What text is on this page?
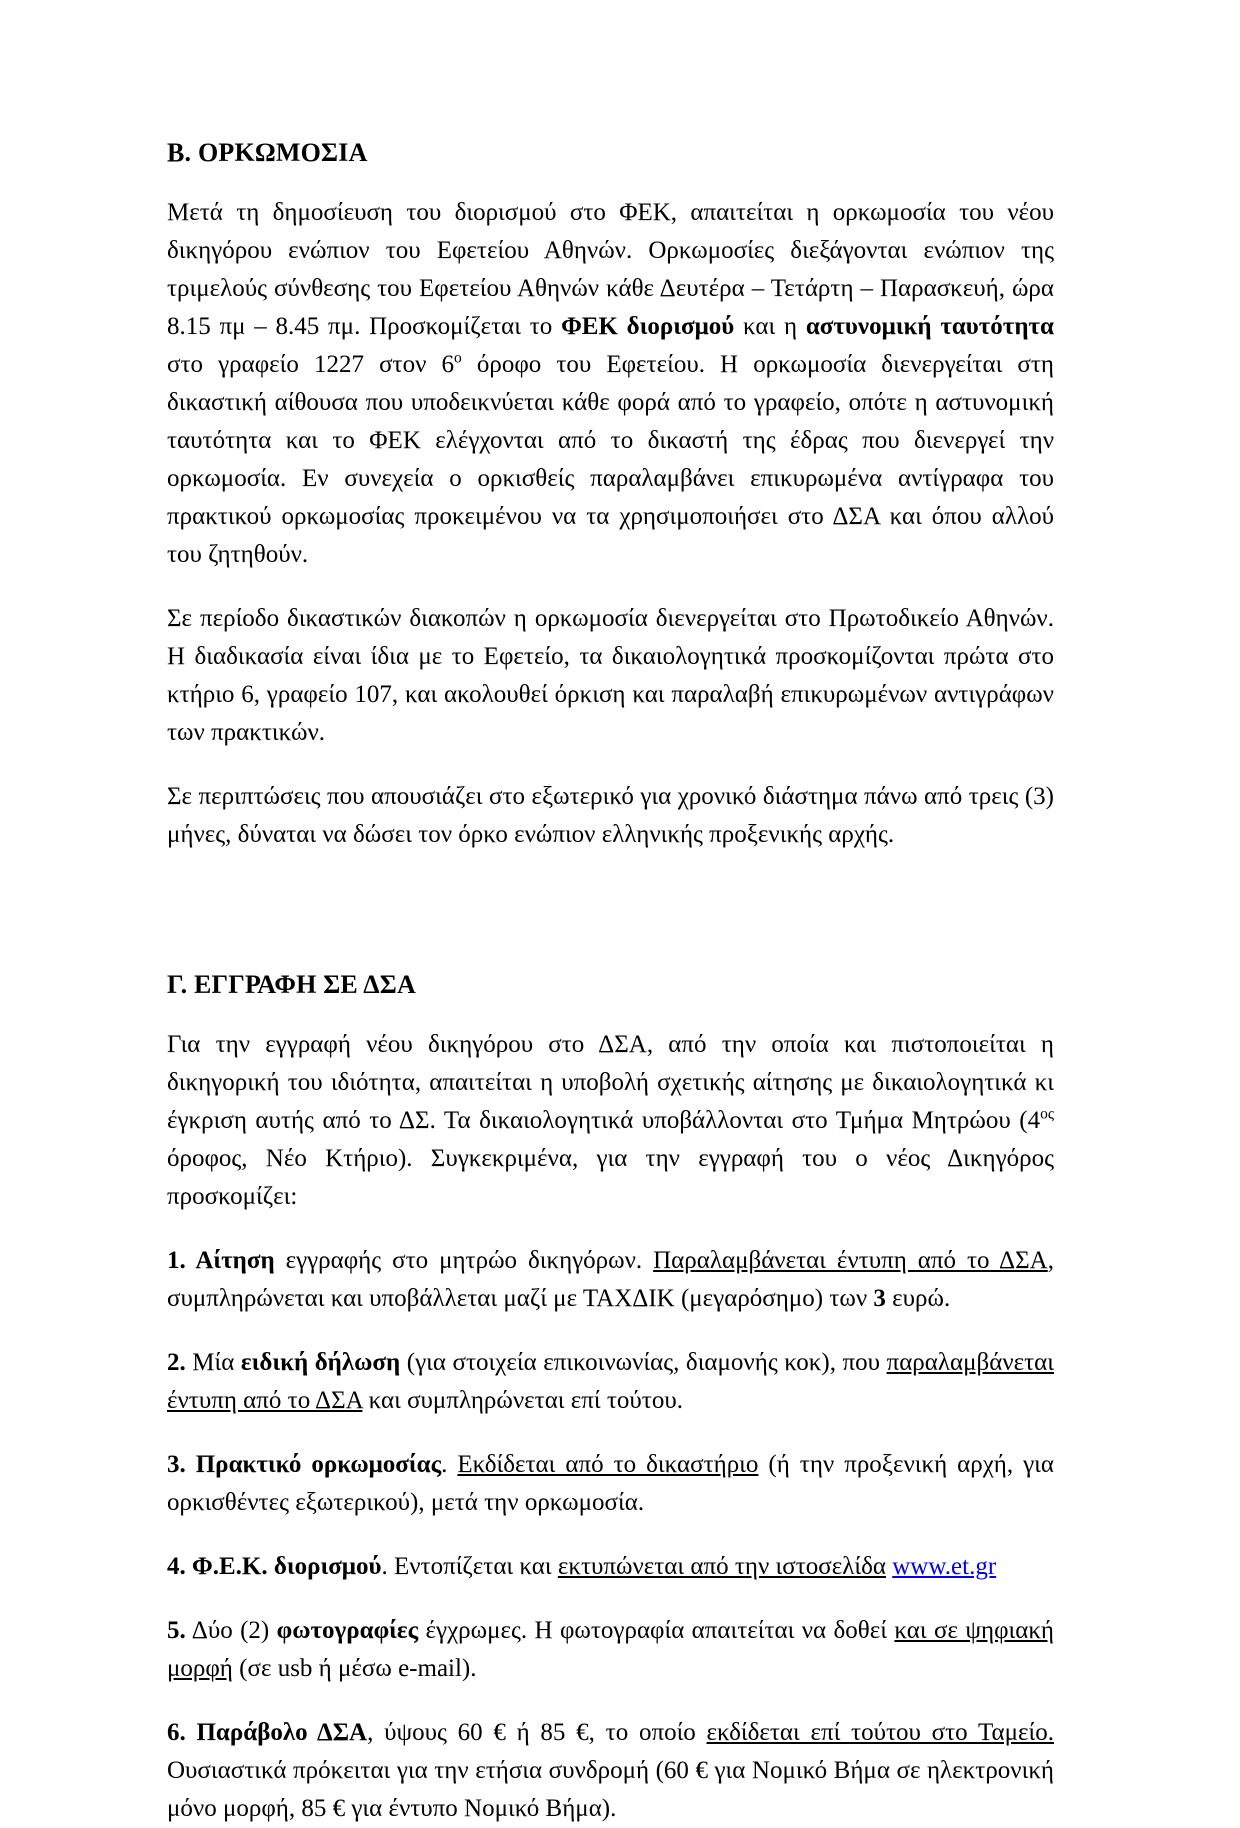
Β. ΟΡΚΩΜΟΣΙΑ

Μετά τη δημοσίευση του διορισμού στο ΦΕΚ, απαιτείται η ορκωμοσία του νέου δικηγόρου ενώπιον του Εφετείου Αθηνών. Ορκωμοσίες διεξάγονται ενώπιον της τριμελούς σύνθεσης του Εφετείου Αθηνών κάθε Δευτέρα – Τετάρτη – Παρασκευή, ώρα 8.15 πμ – 8.45 πμ. Προσκομίζεται το ΦΕΚ διορισμού και η αστυνομική ταυτότητα στο γραφείο 1227 στον $6^o$ όροφο του Εφετείου. Η ορκωμοσία διενεργείται στη δικαστική αίθουσα που υποδεικνύεται κάθε φορά από το γραφείο, οπότε η αστυνομική ταυτότητα και το ΦΕΚ ελέγχονται από το δικαστή της έδρας που διενεργεί την ορκωμοσία. Εν συνεχεία ο ορκισθείς παραλαμβάνει επικυρωμένα αντίγραφα του πρακτικού ορκωμοσίας προκειμένου να τα χρησιμοποιήσει στο ΔΣΑ και όπου αλλού του ζητηθούν.

Σε περίοδο δικαστικών διακοπών η ορκωμοσία διενεργείται στο Πρωτοδικείο Αθηνών. Η διαδικασία είναι ίδια με το Εφετείο, τα δικαιολογητικά προσκομίζονται πρώτα στο κτήριο 6, γραφείο 107, και ακολουθεί όρκιση και παραλαβή επικυρωμένων αντιγράφων των πρακτικών.

Σε περιπτώσεις που απουσιάζει στο εξωτερικό για χρονικό διάστημα πάνω από τρεις (3) μήνες, δύναται να δώσει τον όρκο ενώπιον ελληνικής προξενικής αρχής.

Γ. ΕΓΓΡΑΦΗ ΣΕ ΔΣΑ

Για την εγγραφή νέου δικηγόρου στο ΔΣΑ, από την οποία και πιστοποιείται η δικηγορική του ιδιότητα, απαιτείται η υποβολή σχετικής αίτησης με δικαιολογητικά κι έγκριση αυτής από το ΔΣ. Τα δικαιολογητικά υποβάλλονται στο Τμήμα Μητρώου ($4^{o\varsigma}$ όροφος, Νέο Κτήριο). Συγκεκριμένα, για την εγγραφή του ο νέος Δικηγόρος προσκομίζει:

1. Αίτηση εγγραφής στο μητρώο δικηγόρων. Παραλαμβάνεται έντυπη από το ΔΣΑ, συμπληρώνεται και υποβάλλεται μαζί με ΤΑΧΔΙΚ (μεγαρόσημο) των 3 ευρώ.

2. Μία ειδική δήλωση (για στοιχεία επικοινωνίας, διαμονής κοκ), που παραλαμβάνεται έντυπη από το ΔΣΑ και συμπληρώνεται επί τούτου.

3. Πρακτικό ορκωμοσίας. Εκδίδεται από το δικαστήριο (ή την προξενική αρχή, για ορκισθέντες εξωτερικού), μετά την ορκωμοσία.

4. Φ.Ε.Κ. διορισμού. Εντοπίζεται και εκτυπώνεται από την ιστοσελίδα www.et.gr

5. Δύο (2) φωτογραφίες έγχρωμες. Η φωτογραφία απαιτείται να δοθεί και σε ψηφιακή μορφή (σε usb ή μέσω e-mail).

6. Παράβολο ΔΣΑ, ύψους 60 € ή 85 €, το οποίο εκδίδεται επί τούτου στο Ταμείο. Ουσιαστικά πρόκειται για την ετήσια συνδρομή (60 € για Νομικό Βήμα σε ηλεκτρονική μόνο μορφή, 85 € για έντυπο Νομικό Βήμα).
